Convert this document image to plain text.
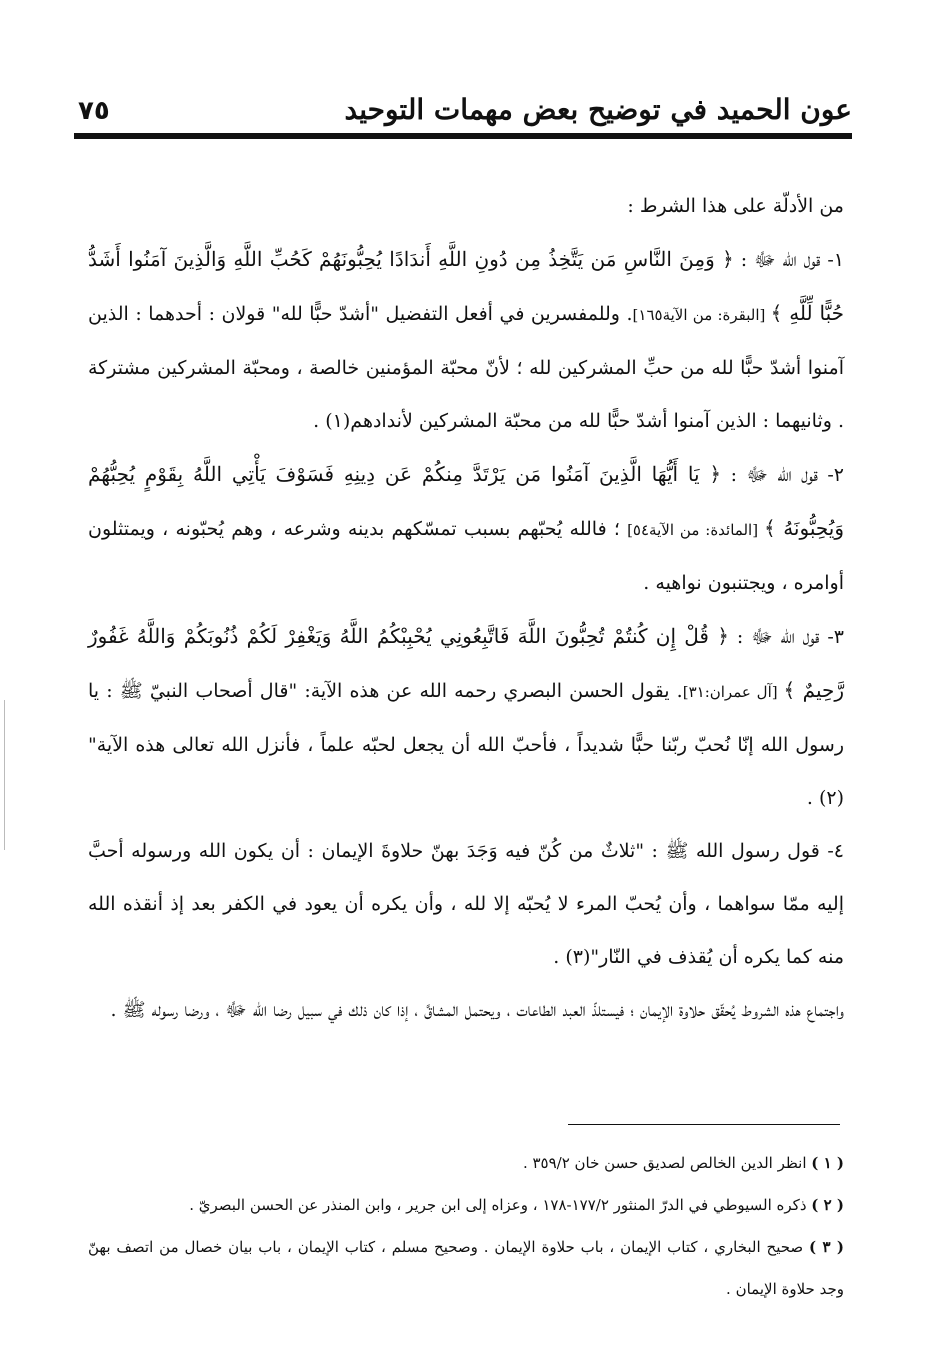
٧٥	عون الحميد في توضيح بعض مهمات التوحيد

من الأدلّة على هذا الشرط :

١- قول الله ﷻ : ﴿ وَمِنَ النَّاسِ مَن يَتَّخِذُ مِن دُونِ اللَّهِ أَندَادًا يُحِبُّونَهُمْ كَحُبِّ اللَّهِ وَالَّذِينَ آمَنُوا أَشَدُّ حُبًّا لِّلَّهِ ﴾ [البقرة: من الآية١٦٥]. وللمفسرين في أفعل التفضيل "أشدّ حبًّا لله" قولان : أحدهما : الذين آمنوا أشدّ حبًّا لله من حبِّ المشركين لله ؛ لأنّ محبّة المؤمنين خالصة ، ومحبّة المشركين مشتركة . وثانيهما : الذين آمنوا أشدّ حبًّا لله من محبّة المشركين لأندادهم(١) .

٢- قول الله ﷻ : ﴿ يَا أَيُّهَا الَّذِينَ آمَنُوا مَن يَرْتَدَّ مِنكُمْ عَن دِينِهِ فَسَوْفَ يَأْتِي اللَّهُ بِقَوْمٍ يُحِبُّهُمْ وَيُحِبُّونَهُ ﴾ [المائدة: من الآية٥٤] ؛ فالله يُحبّهم بسبب تمسّكهم بدينه وشرعه ، وهم يُحبّونه ، ويمتثلون أوامره ، ويجتنبون نواهيه .

٣- قول الله ﷻ : ﴿ قُلْ إِن كُنتُمْ تُحِبُّونَ اللَّهَ فَاتَّبِعُونِي يُحْبِبْكُمُ اللَّهُ وَيَغْفِرْ لَكُمْ ذُنُوبَكُمْ وَاللَّهُ غَفُورٌ رَّحِيمٌ ﴾ [آل عمران:٣١]. يقول الحسن البصري رحمه الله عن هذه الآية: "قال أصحاب النبيّ ﷺ : يا رسول الله إنّا نُحبّ ربّنا حبًّا شديداً ، فأحبّ الله أن يجعل لحبّه علماً ، فأنزل الله تعالى هذه الآية"(٢) .

٤- قول رسول الله ﷺ : "ثلاثٌ من كُنّ فيه وَجَدَ بهنّ حلاوةَ الإيمان : أن يكون الله ورسوله أحبَّ إليه ممّا سواهما ، وأن يُحبّ المرء لا يُحبّه إلا لله ، وأن يكره أن يعود في الكفر بعد إذ أنقذه الله منه كما يكره أن يُقذف في النّار"(٣) .

واجتماع هذه الشروط يُحقّق حلاوة الإيمان ؛ فيستلذّ العبد الطاعات ، ويحتمل المشاقَّ ، إذا كان ذلك في سبيل رضا الله ﷻ ، ورضا رسوله ﷺ .

( ١ ) انظر الدين الخالص لصديق حسن خان ٣٥٩/٢ .

( ٢ ) ذكره السيوطي في الدرّ المنثور ١٧٧/٢-١٧٨ ، وعزاه إلى ابن جرير ، وابن المنذر عن الحسن البصريّ .

( ٣ ) صحيح البخاري ، كتاب الإيمان ، باب حلاوة الإيمان . وصحيح مسلم ، كتاب الإيمان ، باب بيان خصال من اتصف بهنّ وجد حلاوة الإيمان .
